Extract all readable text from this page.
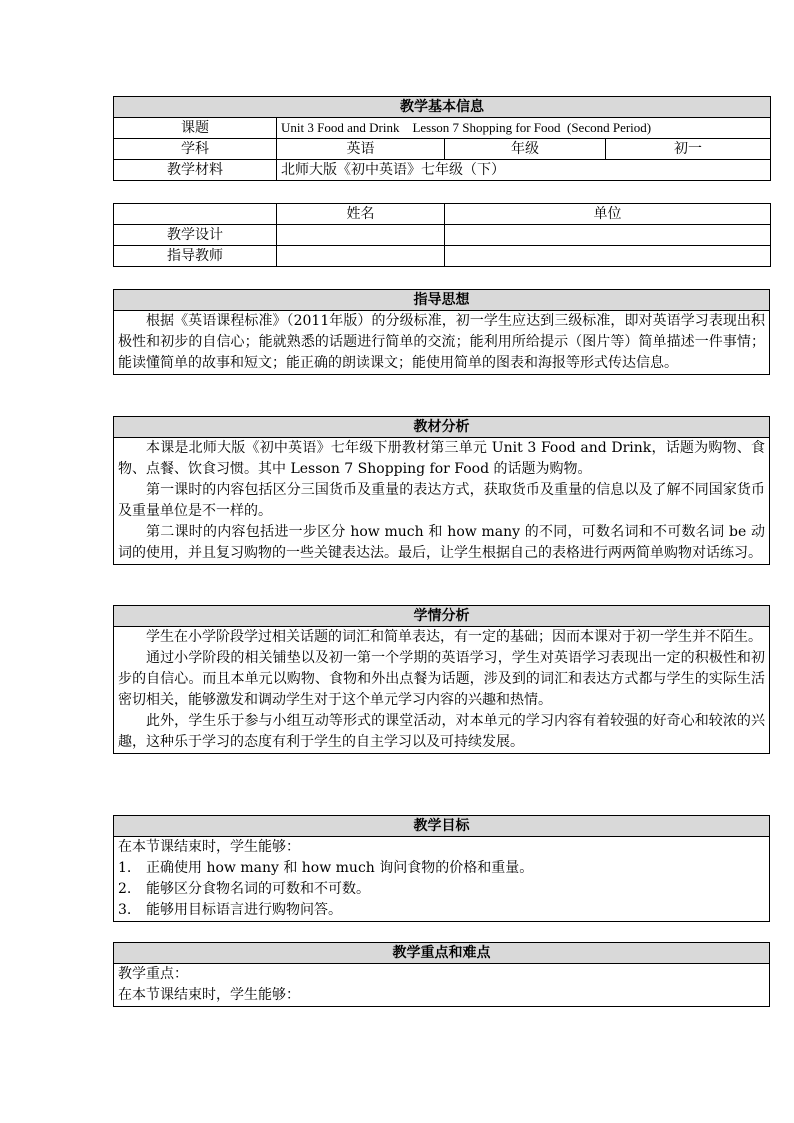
教学基本信息			
课题	Unit 3 Food and Drink    Lesson 7 Shopping for Food  (Second Period)		
学科	英语	年级	初一
教学材料	北师大版《初中英语》七年级（下）		
	姓名	单位
教学设计		
指导教师		
指导思想

根据《英语课程标准》（2011年版）的分级标准，初一学生应达到三级标准，即对英语学习表现出积极性和初步的自信心；能就熟悉的话题进行简单的交流；能利用所给提示（图片等）简单描述一件事情；能读懂简单的故事和短文；能正确的朗读课文；能使用简单的图表和海报等形式传达信息。

教材分析

本课是北师大版《初中英语》七年级下册教材第三单元 Unit 3 Food and Drink，话题为购物、食物、点餐、饮食习惯。其中 Lesson 7 Shopping for Food 的话题为购物。

第一课时的内容包括区分三国货币及重量的表达方式，获取货币及重量的信息以及了解不同国家货币及重量单位是不一样的。

第二课时的内容包括进一步区分 how much 和 how many 的不同，可数名词和不可数名词 be 动词的使用，并且复习购物的一些关键表达法。最后，让学生根据自己的表格进行两两简单购物对话练习。

学情分析

学生在小学阶段学过相关话题的词汇和简单表达，有一定的基础；因而本课对于初一学生并不陌生。

通过小学阶段的相关铺垫以及初一第一个学期的英语学习，学生对英语学习表现出一定的积极性和初步的自信心。而且本单元以购物、食物和外出点餐为话题，涉及到的词汇和表达方式都与学生的实际生活密切相关，能够激发和调动学生对于这个单元学习内容的兴趣和热情。

此外，学生乐于参与小组互动等形式的课堂活动，对本单元的学习内容有着较强的好奇心和较浓的兴趣，这种乐于学习的态度有利于学生的自主学习以及可持续发展。

教学目标

在本节课结束时，学生能够：

1. 正确使用 how many 和 how much 询问食物的价格和重量。

2. 能够区分食物名词的可数和不可数。

3. 能够用目标语言进行购物问答。

教学重点和难点

教学重点：

在本节课结束时，学生能够：
